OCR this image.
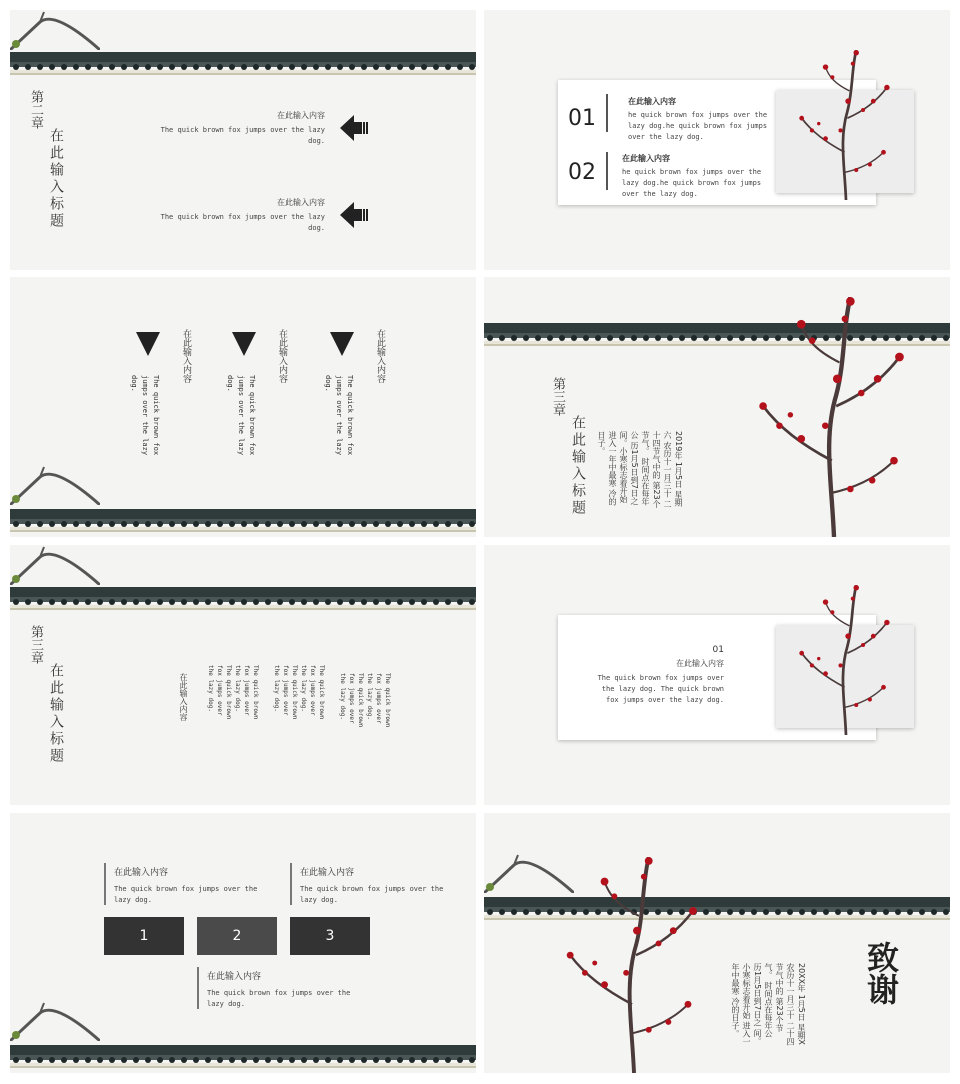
第二章
在此输入标题
在此输入内容
The quick brown fox jumps over the lazy dog.
在此输入内容
The quick brown fox jumps over the lazy dog.
01
在此输入内容
he quick brown fox jumps over the lazy dog.he quick brown fox jumps over the lazy dog.
02
在此输入内容
he quick brown fox jumps over the lazy dog.he quick brown fox jumps over the lazy dog.
在此输入内容
The quick brown fox jumps over the lazy dog.
在此输入内容
The quick brown fox jumps over the lazy dog.
在此输入内容
The quick brown fox jumps over the lazy dog.	第三章
在此输入标题	2019年 1月5日 星期六 农历十一月三十 二十四节气中的 第23个节气。 时间点在每年公 历1月5日到7日之 间。小寒标志着开始 进入一年中最寒 冷的日子。
第三章
在此输入标题	在此输入内容	The quick brown fox jumps over the lazy dog. The quick brown fox jumps over the lazy dog.	The quick brown fox jumps over the lazy dog. The quick brown fox jumps over the lazy dog.	The quick brown fox jumps over the lazy dog. The quick brown fox jumps over the lazy dog.
01
在此输入内容
The quick brown fox jumps over the lazy dog. The quick brown fox jumps over the lazy dog.
在此输入内容
The quick brown fox jumps over the lazy dog.
在此输入内容
The quick brown fox jumps over the lazy dog.
1	2	3
在此输入内容
The quick brown fox jumps over the lazy dog.	20XX年 1月5日 星期X 农历十一月三十 二十四节气中的 第23个节气。 时间点在每年公 历1月5日到7日之 间。小寒标志着开始 进入一年中最寒 冷的日子。	致谢
